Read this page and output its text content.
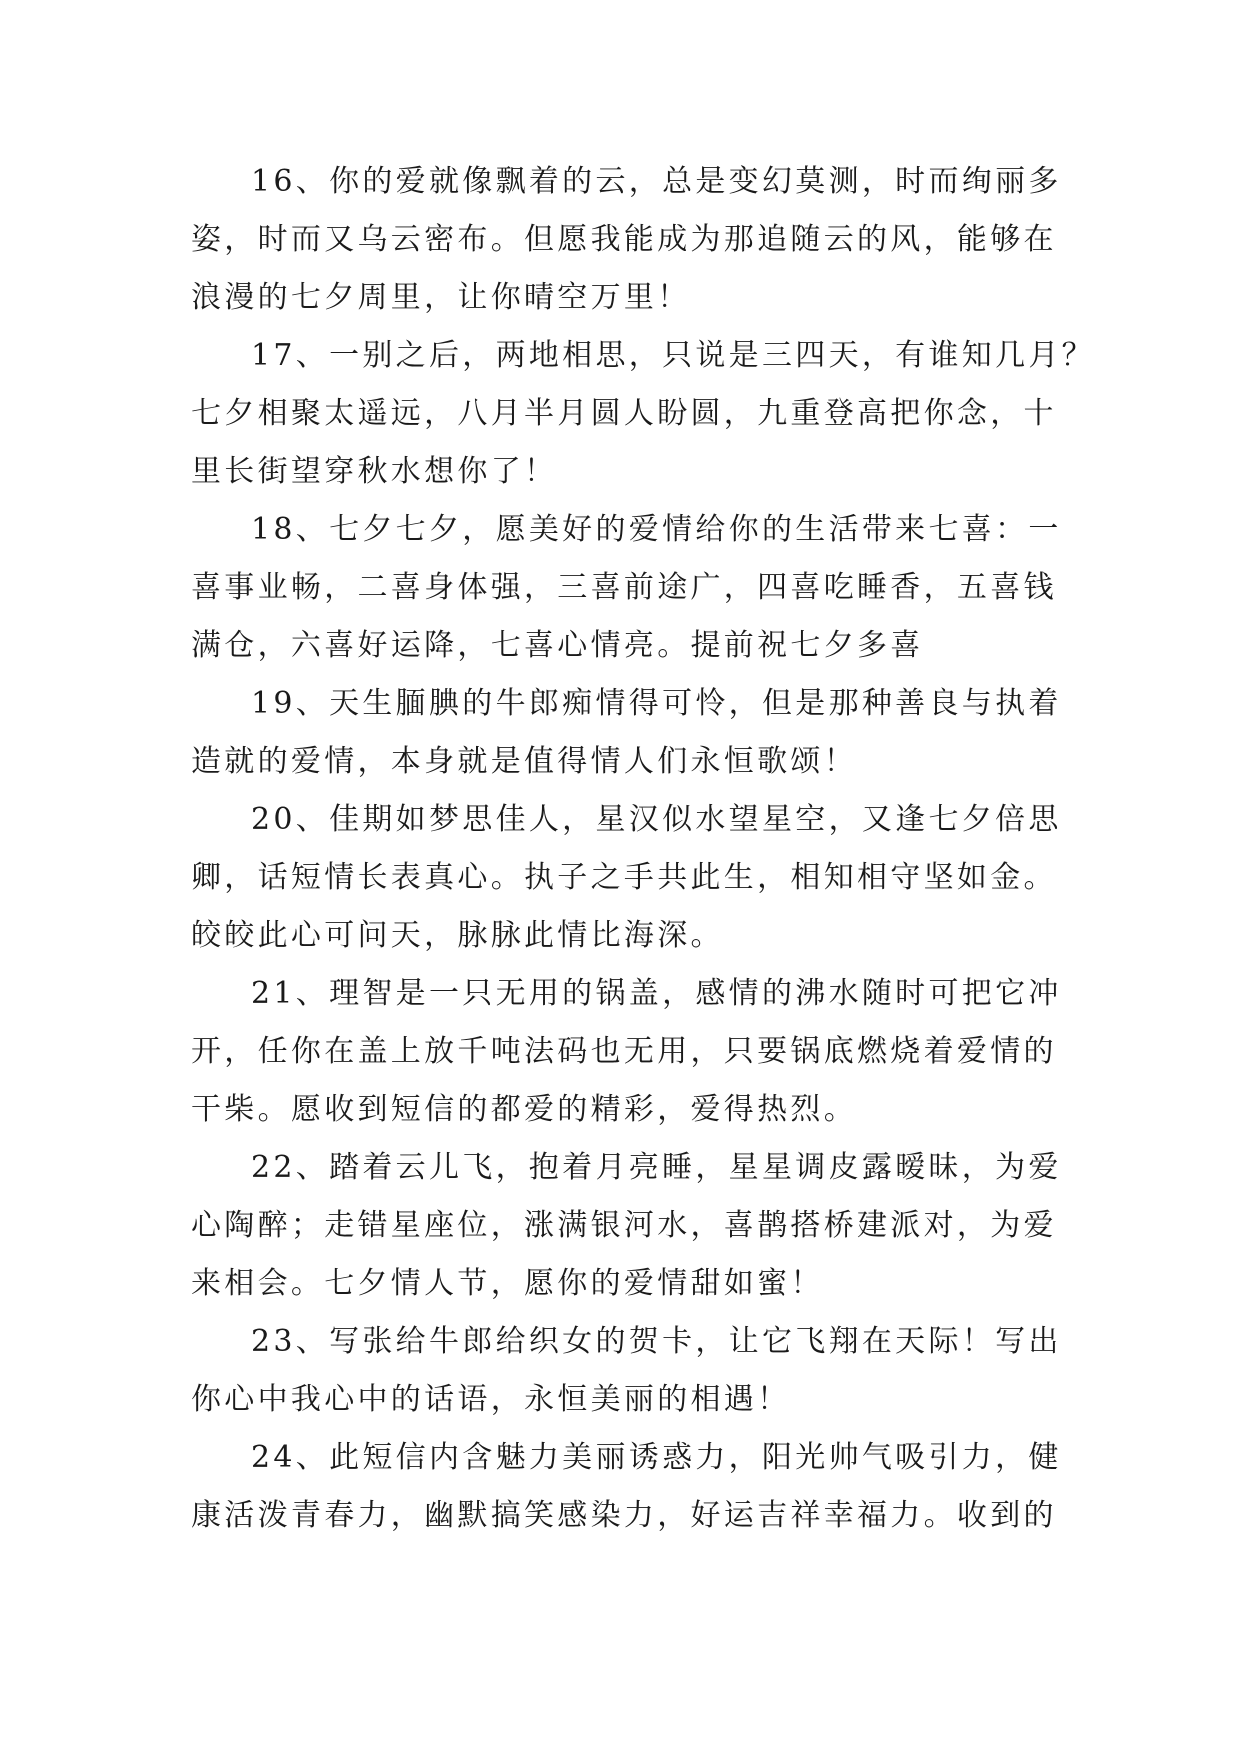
16、你的爱就像飘着的云，总是变幻莫测，时而绚丽多
姿，时而又乌云密布。但愿我能成为那追随云的风，能够在
浪漫的七夕周里，让你晴空万里！

17、一别之后，两地相思，只说是三四天，有谁知几月？
七夕相聚太遥远，八月半月圆人盼圆，九重登高把你念，十
里长街望穿秋水想你了！

18、七夕七夕，愿美好的爱情给你的生活带来七喜：一
喜事业畅，二喜身体强，三喜前途广，四喜吃睡香，五喜钱
满仓，六喜好运降，七喜心情亮。提前祝七夕多喜

19、天生腼腆的牛郎痴情得可怜，但是那种善良与执着
造就的爱情，本身就是值得情人们永恒歌颂！

20、佳期如梦思佳人，星汉似水望星空，又逢七夕倍思
卿，话短情长表真心。执子之手共此生，相知相守坚如金。
皎皎此心可问天，脉脉此情比海深。

21、理智是一只无用的锅盖，感情的沸水随时可把它冲
开，任你在盖上放千吨法码也无用，只要锅底燃烧着爱情的
干柴。愿收到短信的都爱的精彩，爱得热烈。

22、踏着云儿飞，抱着月亮睡，星星调皮露暧昧，为爱
心陶醉；走错星座位，涨满银河水，喜鹊搭桥建派对，为爱
来相会。七夕情人节，愿你的爱情甜如蜜！

23、写张给牛郎给织女的贺卡，让它飞翔在天际！写出
你心中我心中的话语，永恒美丽的相遇！

24、此短信内含魅力美丽诱惑力，阳光帅气吸引力，健
康活泼青春力，幽默搞笑感染力，好运吉祥幸福力。收到的
